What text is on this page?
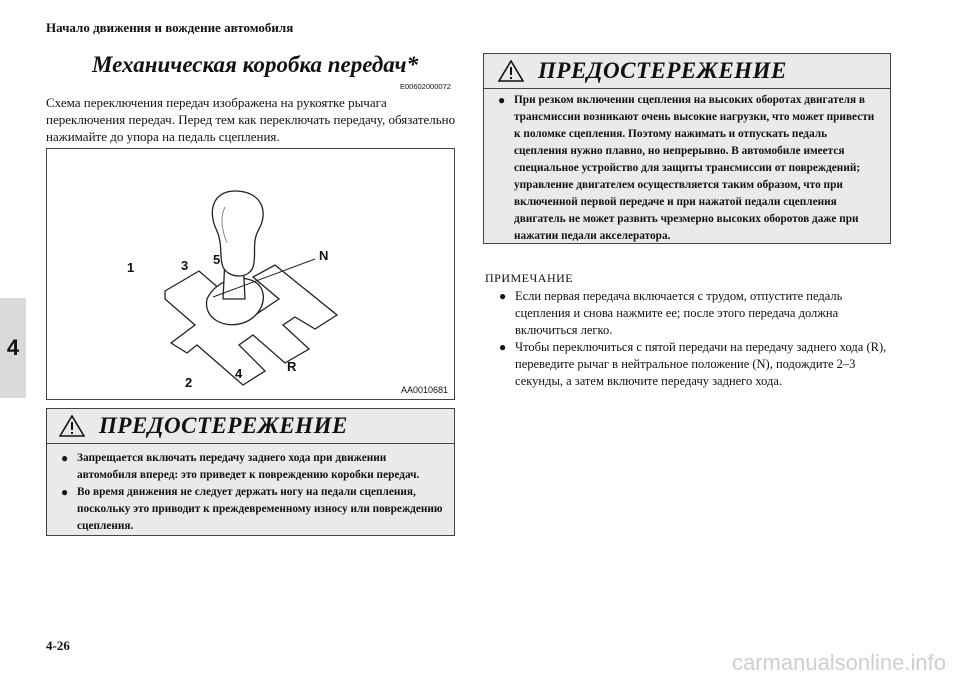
Начало движения и вождение автомобиля
4
Механическая коробка передач*
E00602000072
Схема переключения передач изображена на рукоятке рычага переключения передач. Перед тем как переключать передачу, обязательно нажимайте до упора на педаль сцепления.
1	3 5	N
R
4
2	AA0010681
ПРЕДОСТЕРЕЖЕНИЕ
● Запрещается включать передачу заднего хода при движении автомобиля вперед: это приведет к повреждению коробки передач.
● Во время движения не следует держать ногу на педали сцепления, поскольку это приводит к преждевременному износу или повреждению сцепления.
ПРЕДОСТЕРЕЖЕНИЕ
● При резком включении сцепления на высоких оборотах двигателя в трансмиссии возникают очень высокие нагрузки, что может привести к поломке сцепления. Поэтому нажимать и отпускать педаль сцепления нужно плавно, но непрерывно. В автомобиле имеется специальное устройство для защиты трансмиссии от повреждений; управление двигателем осуществляется таким образом, что при включенной первой передаче и при нажатой педали сцепления двигатель не может развить чрезмерно высоких оборотов даже при нажатии педали акселератора.
ПРИМЕЧАНИЕ
● Если первая передача включается с трудом, отпустите педаль сцепления и снова нажмите ее; после этого передача должна включиться легко.
● Чтобы переключиться с пятой передачи на передачу заднего хода (R), переведите рычаг в нейтральное положение (N), подождите 2–3 секунды, а затем включите передачу заднего хода.
4-26
carmanualsonline.info
